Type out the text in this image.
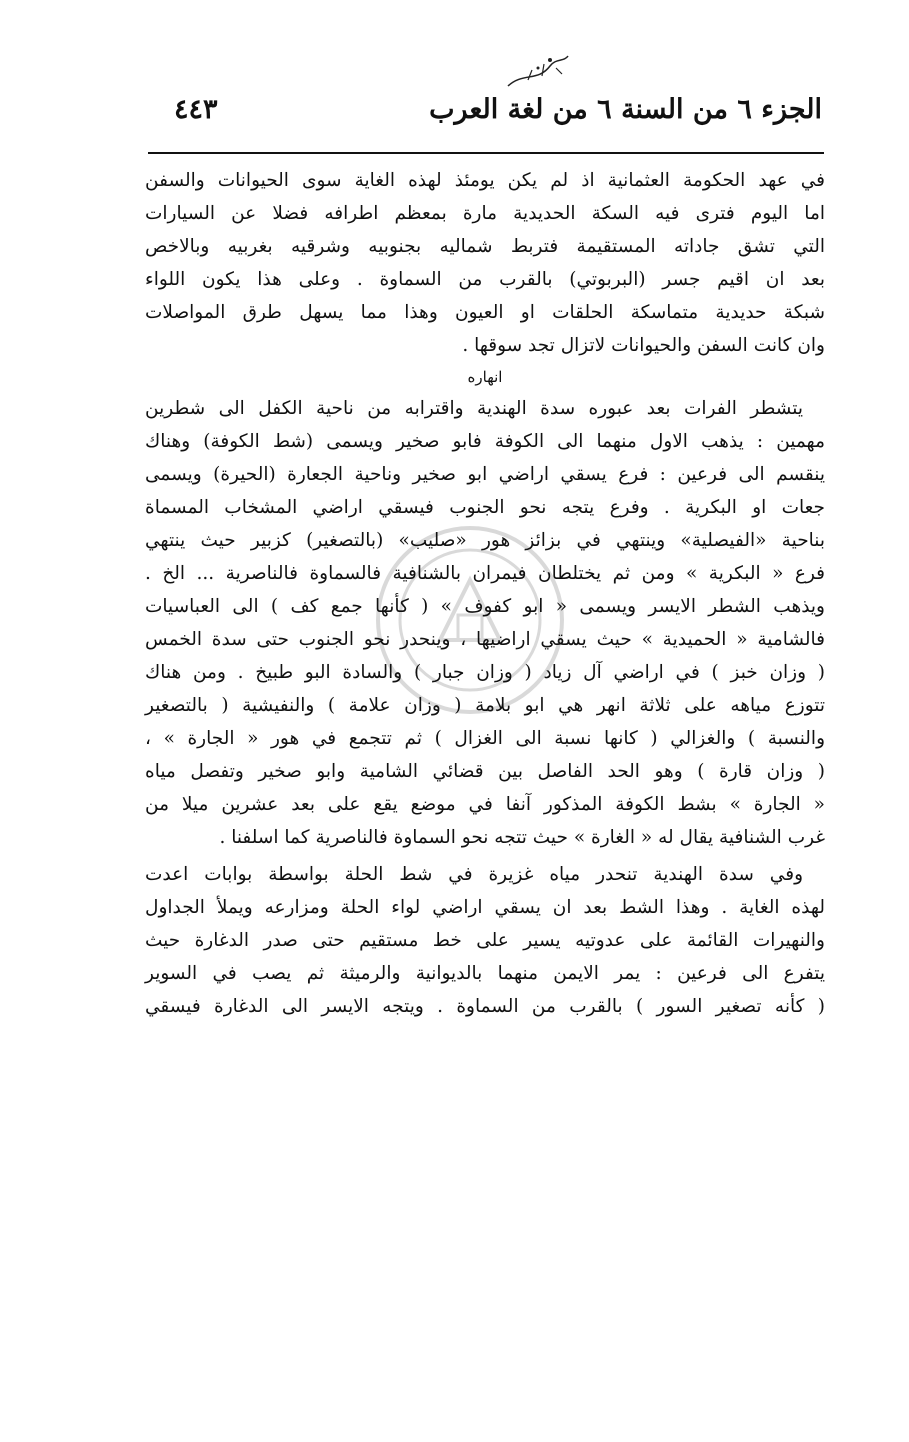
الجزء ٦ من السنة ٦ من لغة العرب
٤٤٣
في عهد الحكومة العثمانية اذ لم يكن يومئذ لهذه الغاية سوى الحيوانات والسفن
اما اليوم فترى فيه السكة الحديدية مارة بمعظم اطرافه فضلا عن السيارات
التي تشق جاداته المستقيمة فتربط شماليه بجنوبيه وشرقيه بغربيه وبالاخص
بعد ان اقيم جسر (البربوتي) بالقرب من السماوة . وعلى هذا يكون اللواء
شبكة حديدية متماسكة الحلقات او العيون وهذا مما يسهل طرق المواصلات
وان كانت السفن والحيوانات لاتزال تجد سوقها .
انهاره
يتشطر الفرات بعد عبوره سدة الهندية واقترابه من ناحية الكفل الى شطرين
مهمين : يذهب الاول منهما الى الكوفة فابو صخير ويسمى (شط الكوفة) وهناك
ينقسم الى فرعين : فرع يسقي اراضي ابو صخير وناحية الجعارة (الحيرة) ويسمى
جعات او البكرية . وفرع يتجه نحو الجنوب فيسقي اراضي المشخاب المسماة
بناحية «الفيصلية» وينتهي في بزائز هور «صليب» (بالتصغير) كزبير حيث ينتهي
فرع « البكرية » ومن ثم يختلطان فيمران بالشنافية فالسماوة فالناصرية ... الخ .
ويذهب الشطر الايسر ويسمى « ابو كفوف » ( كأنها جمع كف ) الى العباسيات
فالشامية « الحميدية » حيث يسقي اراضيها ، وينحدر نحو الجنوب حتى سدة الخمس
( وزان خبز ) في اراضي آل زياد ( وزان جبار ) والسادة البو طبيخ . ومن هناك
تتوزع مياهه على ثلاثة انهر هي ابو بلامة ( وزان علامة ) والنفيشية ( بالتصغير
والنسبة ) والغزالي ( كانها نسبة الى الغزال ) ثم تتجمع في هور « الجارة » ،
( وزان قارة ) وهو الحد الفاصل بين قضائي الشامية وابو صخير وتفصل مياه
« الجارة » بشط الكوفة المذكور آنفا في موضع يقع على بعد عشرين ميلا من
غرب الشنافية يقال له « الغارة » حيث تتجه نحو السماوة فالناصرية كما اسلفنا .
وفي سدة الهندية تنحدر مياه غزيرة في شط الحلة بواسطة بوابات اعدت
لهذه الغاية . وهذا الشط بعد ان يسقي اراضي لواء الحلة ومزارعه ويملأ الجداول
والنهيرات القائمة على عدوتيه يسير على خط مستقيم حتى صدر الدغارة حيث
يتفرع الى فرعين : يمر الايمن منهما بالديوانية والرميثة ثم يصب في السوير
( كأنه تصغير السور ) بالقرب من السماوة . ويتجه الايسر الى الدغارة فيسقي
